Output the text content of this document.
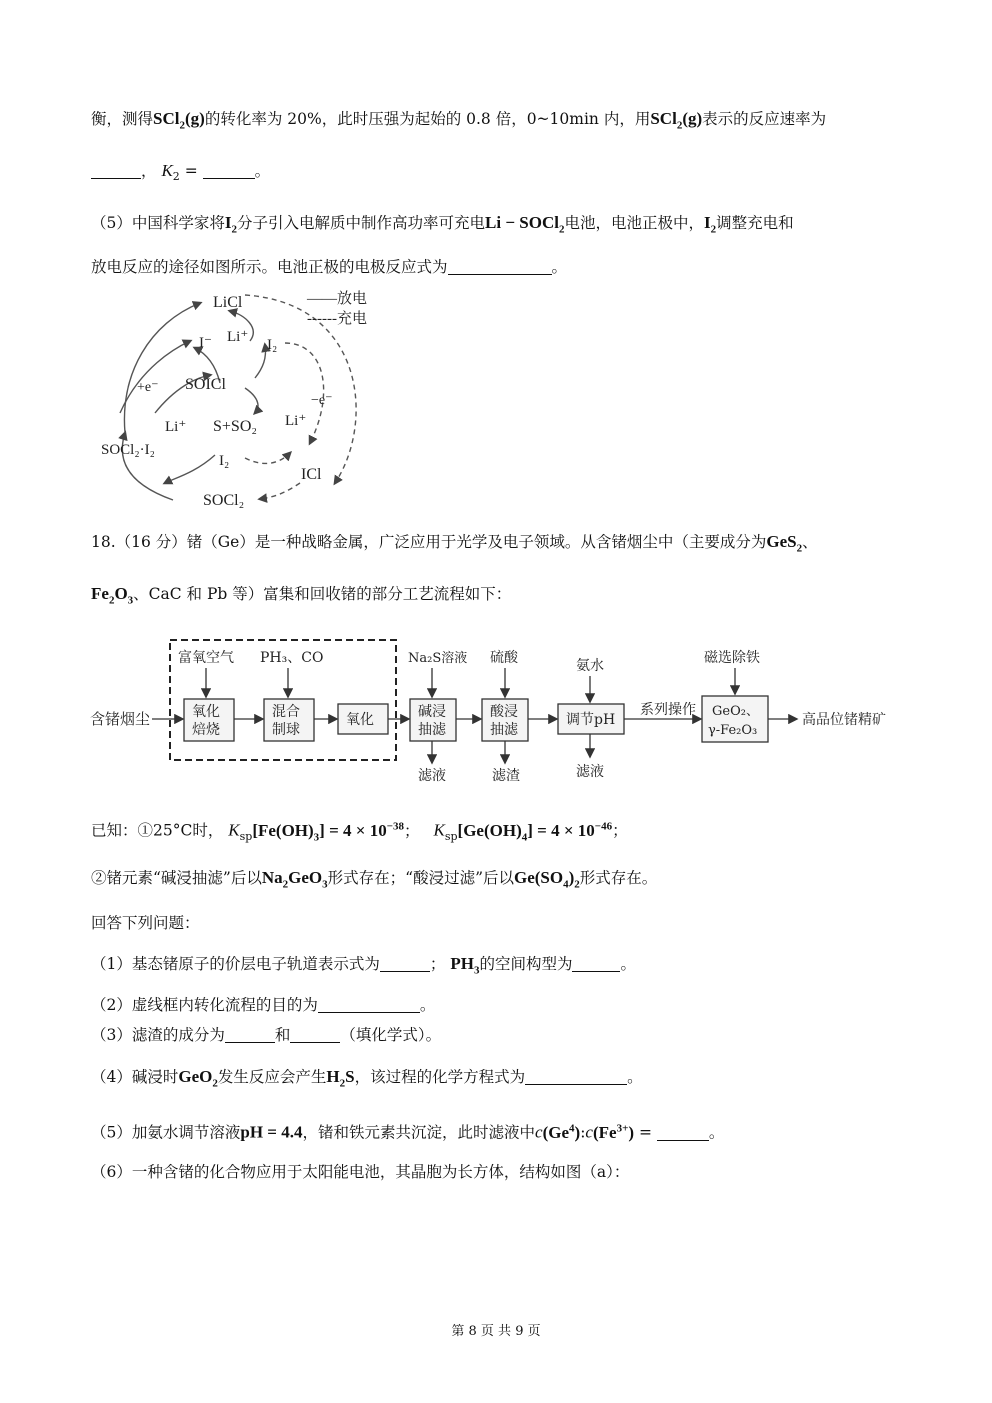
衡，测得SCl$_2$(g)的转化率为 20%，此时压强为起始的 0.8 倍，0~10min 内，用SCl$_2$(g)表示的反应速率为
， $K_2$ =	。
（5）中国科学家将$I_2$分子引入电解质中制作高功率可充电Li − SOCl$_2$电池，电池正极中，$I_2$调整充电和
放电反应的途径如图所示。电池正极的电极反应式为	。
——放电
------充电
LiCl
I⁻ Li⁺ I₂
+e⁻ SOICl
−e⁻
Li⁺ S+SO₂ Li⁺
SOCl₂·I₂
I₂
ICl
SOCl₂
18.（16 分）锗（Ge）是一种战略金属，广泛应用于光学及电子领域。从含锗烟尘中（主要成分为GeS$_2$、
$Fe_2O_3$、CaC 和 Pb 等）富集和回收锗的部分工艺流程如下：
含锗烟尘	氧化
焙烧
混合
制球
氧化	碱浸
抽滤
酸浸
抽滤
调节pH
系列操作 GeO₂、
γ-Fe₂O₃
高品位锗精矿
富氧空气 PH₃、CO	Na₂S溶液 硫酸	氨水	磁选除铁
滤液	滤渣	滤液
已知：①25°C时， $K_{sp}[Fe(OH)_3] = 4 \times 10^{-38}$； $K_{sp}[Ge(OH)_4] = 4 \times 10^{-46}$；
②锗元素“碱浸抽滤”后以$Na_2GeO_3$形式存在；“酸浸过滤”后以$Ge(SO_4)_2$形式存在。
回答下列问题：
（1）基态锗原子的价层电子轨道表示式为	； $PH_3$的空间构型为	。
（2）虚线框内转化流程的目的为	。
（3）滤渣的成分为	和	（填化学式）。
（4）碱浸时GeO$_2$发生反应会产生$H_2S$，该过程的化学方程式为	。
（5）加氨水调节溶液pH = 4.4，锗和铁元素共沉淀，此时滤液中$c(Ge^4):c(Fe^{3+})$ =	。
（6）一种含锗的化合物应用于太阳能电池，其晶胞为长方体，结构如图（a）：
第 8 页 共 9 页
